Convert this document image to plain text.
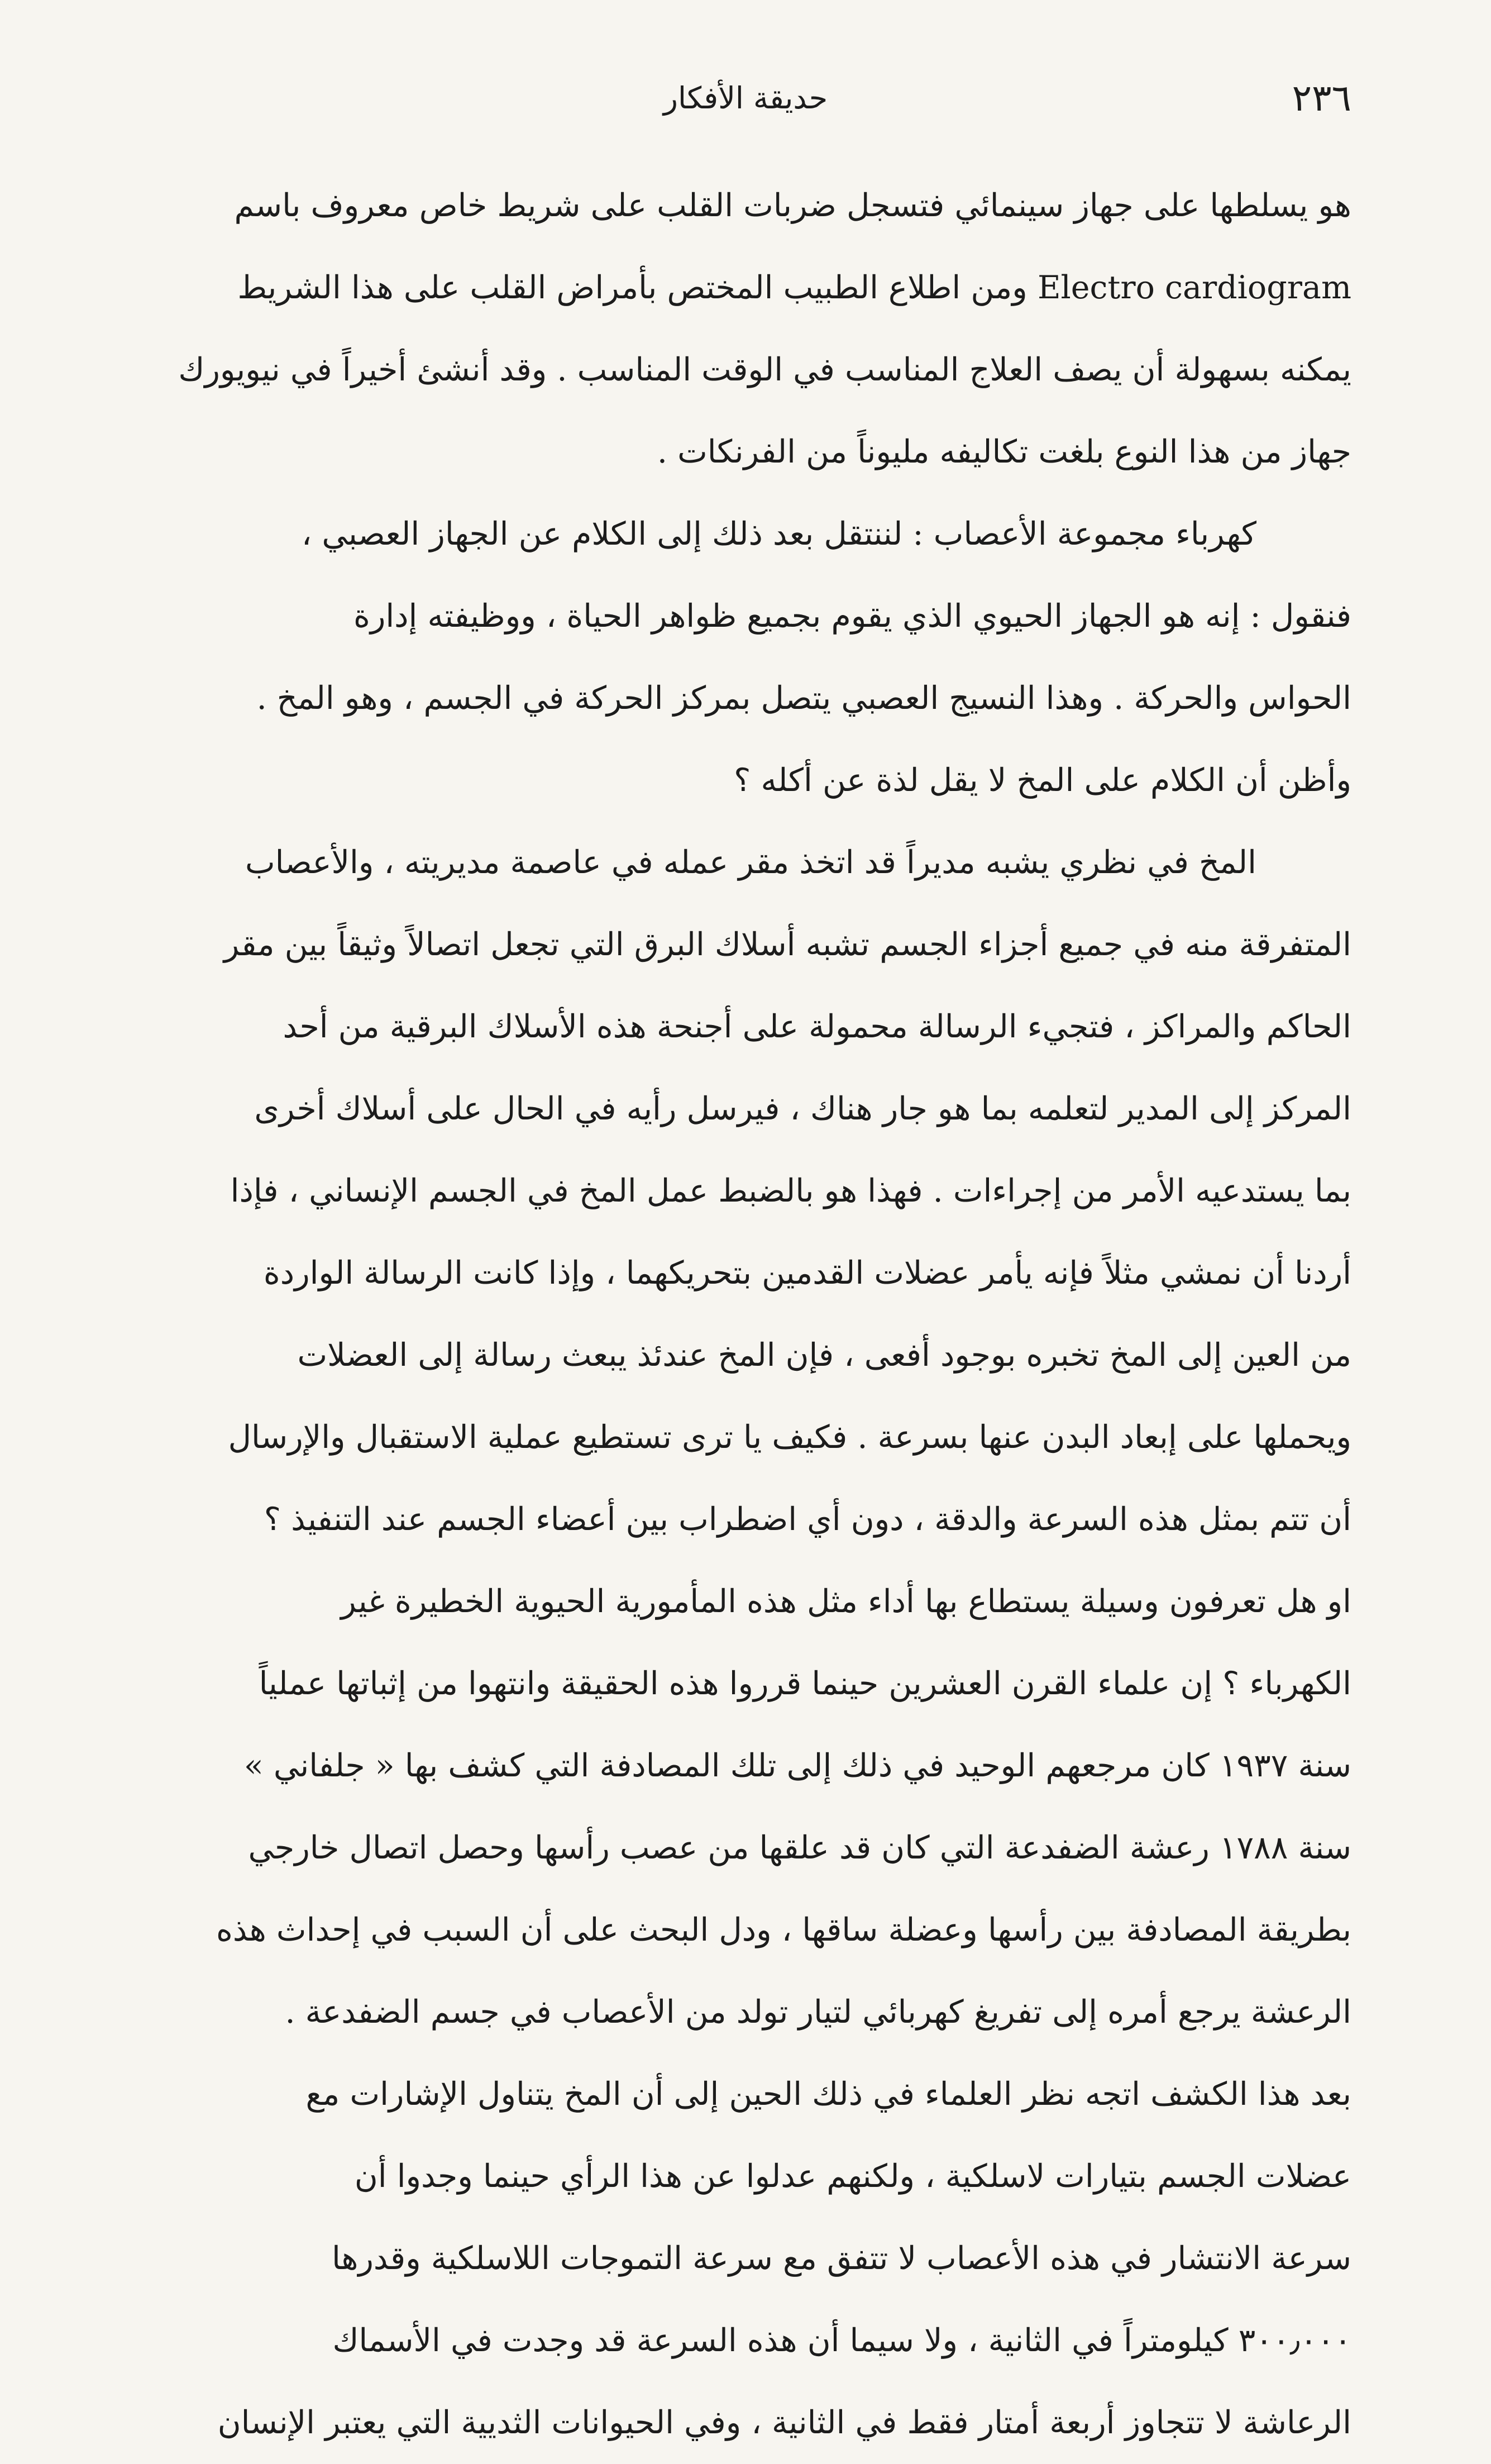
٢٣٦
حديقة الأفكار
هو يسلطها على جهاز سينمائي فتسجل ضربات القلب على شريط خاص معروف باسم
Electro cardiogram ومن اطلاع الطبيب المختص بأمراض القلب على هذا الشريط
يمكنه بسهولة أن يصف العلاج المناسب في الوقت المناسب . وقد أنشئ أخيراً في نيويورك
جهاز من هذا النوع بلغت تكاليفه مليوناً من الفرنكات .
كهرباء مجموعة الأعصاب : لننتقل بعد ذلك إلى الكلام عن الجهاز العصبي ،
فنقول : إنه هو الجهاز الحيوي الذي يقوم بجميع ظواهر الحياة ، ووظيفته إدارة
الحواس والحركة . وهذا النسيج العصبي يتصل بمركز الحركة في الجسم ، وهو المخ .
وأظن أن الكلام على المخ لا يقل لذة عن أكله ؟
المخ في نظري يشبه مديراً قد اتخذ مقر عمله في عاصمة مديريته ، والأعصاب
المتفرقة منه في جميع أجزاء الجسم تشبه أسلاك البرق التي تجعل اتصالاً وثيقاً بين مقر
الحاكم والمراكز ، فتجيء الرسالة محمولة على أجنحة هذه الأسلاك البرقية من أحد
المركز إلى المدير لتعلمه بما هو جار هناك ، فيرسل رأيه في الحال على أسلاك أخرى
بما يستدعيه الأمر من إجراءات . فهذا هو بالضبط عمل المخ في الجسم الإنساني ، فإذا
أردنا أن نمشي مثلاً فإنه يأمر عضلات القدمين بتحريكهما ، وإذا كانت الرسالة الواردة
من العين إلى المخ تخبره بوجود أفعى ، فإن المخ عندئذ يبعث رسالة إلى العضلات
ويحملها على إبعاد البدن عنها بسرعة . فكيف يا ترى تستطيع عملية الاستقبال والإرسال
أن تتم بمثل هذه السرعة والدقة ، دون أي اضطراب بين أعضاء الجسم عند التنفيذ ؟
او هل تعرفون وسيلة يستطاع بها أداء مثل هذه المأمورية الحيوية الخطيرة غير
الكهرباء ؟ إن علماء القرن العشرين حينما قرروا هذه الحقيقة وانتهوا من إثباتها عملياً
سنة ١٩٣٧ كان مرجعهم الوحيد في ذلك إلى تلك المصادفة التي كشف بها « جلفاني »
سنة ١٧٨٨ رعشة الضفدعة التي كان قد علقها من عصب رأسها وحصل اتصال خارجي
بطريقة المصادفة بين رأسها وعضلة ساقها ، ودل البحث على أن السبب في إحداث هذه
الرعشة يرجع أمره إلى تفريغ كهربائي لتيار تولد من الأعصاب في جسم الضفدعة .
بعد هذا الكشف اتجه نظر العلماء في ذلك الحين إلى أن المخ يتناول الإشارات مع
عضلات الجسم بتيارات لاسلكية ، ولكنهم عدلوا عن هذا الرأي حينما وجدوا أن
سرعة الانتشار في هذه الأعصاب لا تتفق مع سرعة التموجات اللاسلكية وقدرها
٣٠٠٫٠٠٠ كيلومتراً في الثانية ، ولا سيما أن هذه السرعة قد وجدت في الأسماك
الرعاشة لا تتجاوز أربعة أمتار فقط في الثانية ، وفي الحيوانات الثديية التي يعتبر الإنسان
